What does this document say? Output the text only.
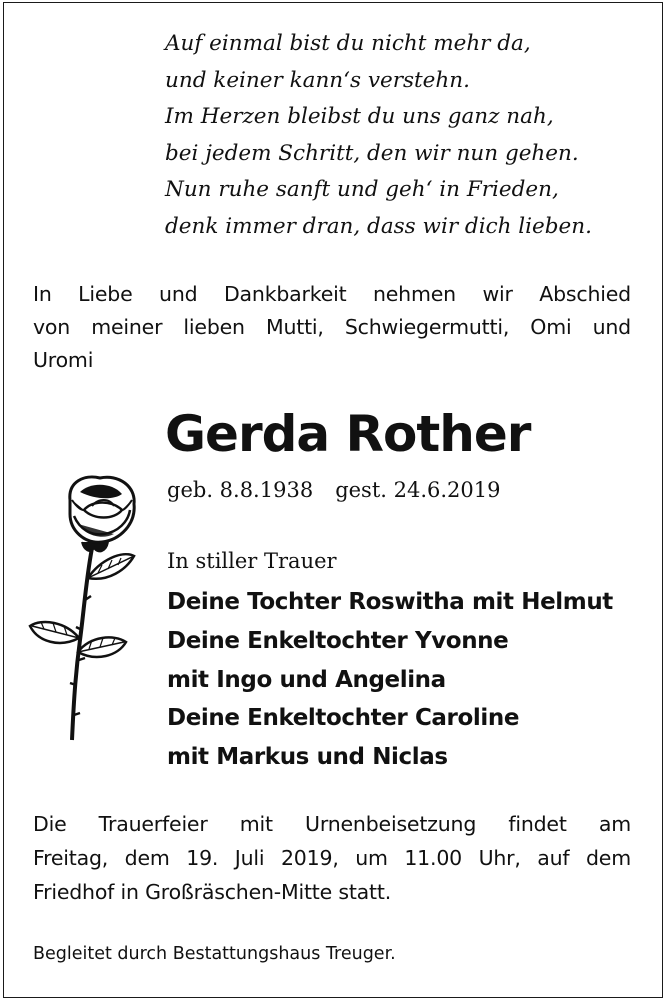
Auf einmal bist du nicht mehr da,
und keiner kann‘s verstehn.
Im Herzen bleibst du uns ganz nah,
bei jedem Schritt, den wir nun gehen.
Nun ruhe sanft und geh‘ in Frieden,
denk immer dran, dass wir dich lieben.
In Liebe und Dankbarkeit nehmen wir Abschied
von meiner lieben Mutti, Schwiegermutti, Omi und
Uromi
Gerda Rother
geb. 8.8.1938 gest. 24.6.2019
In stiller Trauer
Deine Tochter Roswitha mit Helmut
Deine Enkeltochter Yvonne
mit Ingo und Angelina
Deine Enkeltochter Caroline
mit Markus und Niclas
Die Trauerfeier mit Urnenbeisetzung findet am
Freitag, dem 19. Juli 2019, um 11.00 Uhr, auf dem
Friedhof in Großräschen-Mitte statt.
Begleitet durch Bestattungshaus Treuger.
